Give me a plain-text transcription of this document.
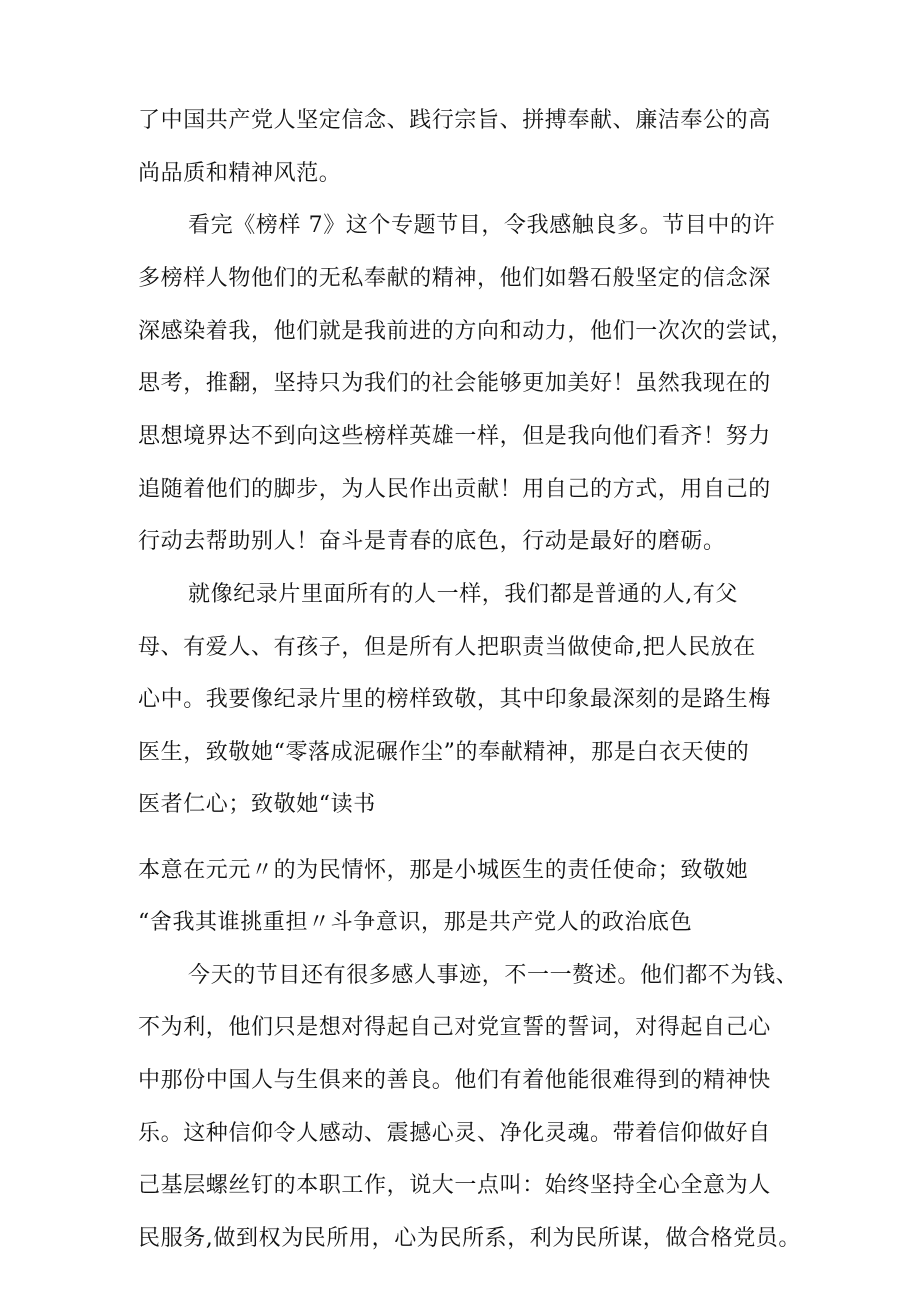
了中国共产党人坚定信念、践行宗旨、拼搏奉献、廉洁奉公的高
尚品质和精神风范。
看完《榜样 7》这个专题节目，令我感触良多。节目中的许
多榜样人物他们的无私奉献的精神，他们如磐石般坚定的信念深
深感染着我，他们就是我前进的方向和动力，他们一次次的尝试，
思考，推翻，坚持只为我们的社会能够更加美好！虽然我现在的
思想境界达不到向这些榜样英雄一样，但是我向他们看齐！努力
追随着他们的脚步，为人民作出贡献！用自己的方式，用自己的
行动去帮助别人！奋斗是青春的底色，行动是最好的磨砺。
就像纪录片里面所有的人一样，我们都是普通的人,有父
母、有爱人、有孩子，但是所有人把职责当做使命,把人民放在
心中。我要像纪录片里的榜样致敬，其中印象最深刻的是路生梅
医生，致敬她“零落成泥碾作尘”的奉献精神，那是白衣天使的
医者仁心；致敬她“读书
本意在元元〃的为民情怀，那是小城医生的责任使命；致敬她
“舍我其谁挑重担〃斗争意识，那是共产党人的政治底色
今天的节目还有很多感人事迹，不一一赘述。他们都不为钱、
不为利，他们只是想对得起自己对党宣誓的誓词，对得起自己心
中那份中国人与生俱来的善良。他们有着他能很难得到的精神快
乐。这种信仰令人感动、震撼心灵、净化灵魂。带着信仰做好自
己基层螺丝钉的本职工作，说大一点叫：始终坚持全心全意为人
民服务,做到权为民所用，心为民所系，利为民所谋，做合格党员。
